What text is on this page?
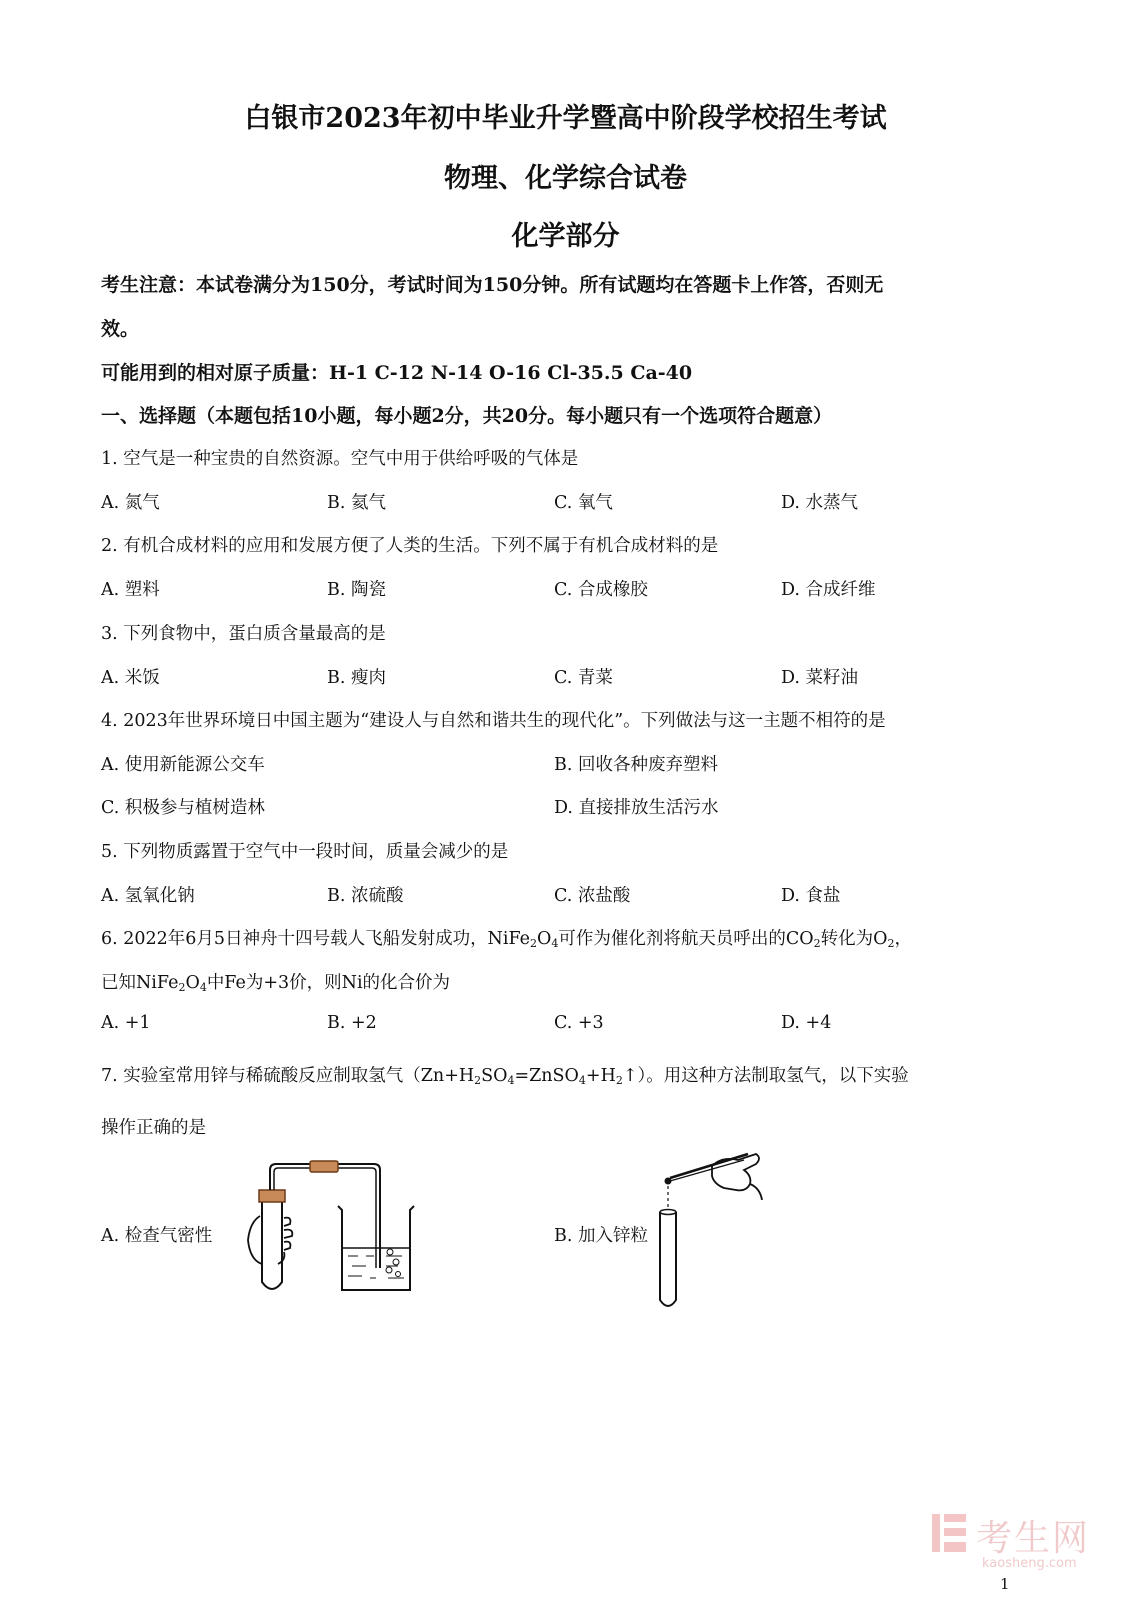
白银市2023年初中毕业升学暨高中阶段学校招生考试
物理、化学综合试卷
化学部分
考生注意：本试卷满分为150分，考试时间为150分钟。所有试题均在答题卡上作答，否则无
效。
可能用到的相对原子质量：H-1 C-12 N-14 O-16 Cl-35.5 Ca-40
一、选择题（本题包括10小题，每小题2分，共20分。每小题只有一个选项符合题意）
1. 空气是一种宝贵的自然资源。空气中用于供给呼吸的气体是
A. 氮气	B. 氦气	C. 氧气	D. 水蒸气
2. 有机合成材料的应用和发展方便了人类的生活。下列不属于有机合成材料的是
A. 塑料	B. 陶瓷	C. 合成橡胶	D. 合成纤维
3. 下列食物中，蛋白质含量最高的是
A. 米饭	B. 瘦肉	C. 青菜	D. 菜籽油
4. 2023年世界环境日中国主题为“建设人与自然和谐共生的现代化”。下列做法与这一主题不相符的是
A. 使用新能源公交车	B. 回收各种废弃塑料
C. 积极参与植树造林	D. 直接排放生活污水
5. 下列物质露置于空气中一段时间，质量会减少的是
A. 氢氧化钠	B. 浓硫酸	C. 浓盐酸	D. 食盐
6. 2022年6月5日神舟十四号载人飞船发射成功，$NiFe_2O_4$可作为催化剂将航天员呼出的$CO_2$转化为$O_2$，
已知$NiFe_2O_4$中Fe为+3价，则Ni的化合价为
A. +1	B. +2	C. +3	D. +4
7. 实验室常用锌与稀硫酸反应制取氢气$(Zn+H_2SO_4=ZnSO_4+H_2↑)$。用这种方法制取氢气，以下实验
操作正确的是
A. 检查气密性	B. 加入锌粒
考生网
kaosheng.com
1
